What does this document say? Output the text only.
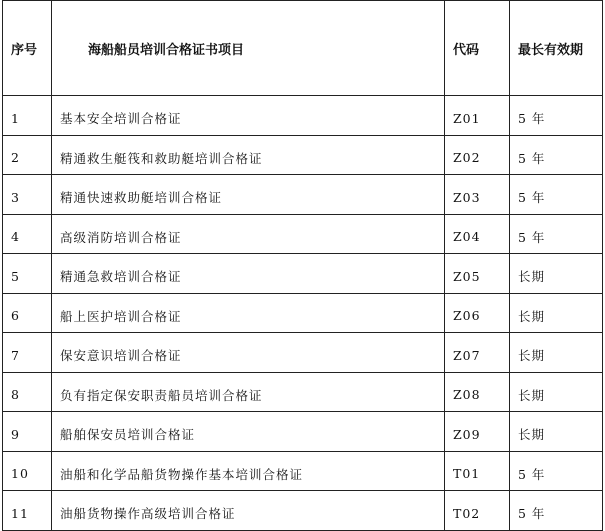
序号	海船船员培训合格证书项目	代码	最长有效期
1	基本安全培训合格证	Z01	5 年
2	精通救生艇筏和救助艇培训合格证	Z02	5 年
3	精通快速救助艇培训合格证	Z03	5 年
4	高级消防培训合格证	Z04	5 年
5	精通急救培训合格证	Z05	长期
6	船上医护培训合格证	Z06	长期
7	保安意识培训合格证	Z07	长期
8	负有指定保安职责船员培训合格证	Z08	长期
9	船舶保安员培训合格证	Z09	长期
10	油船和化学品船货物操作基本培训合格证	T01	5 年
11	油船货物操作高级培训合格证	T02	5 年
